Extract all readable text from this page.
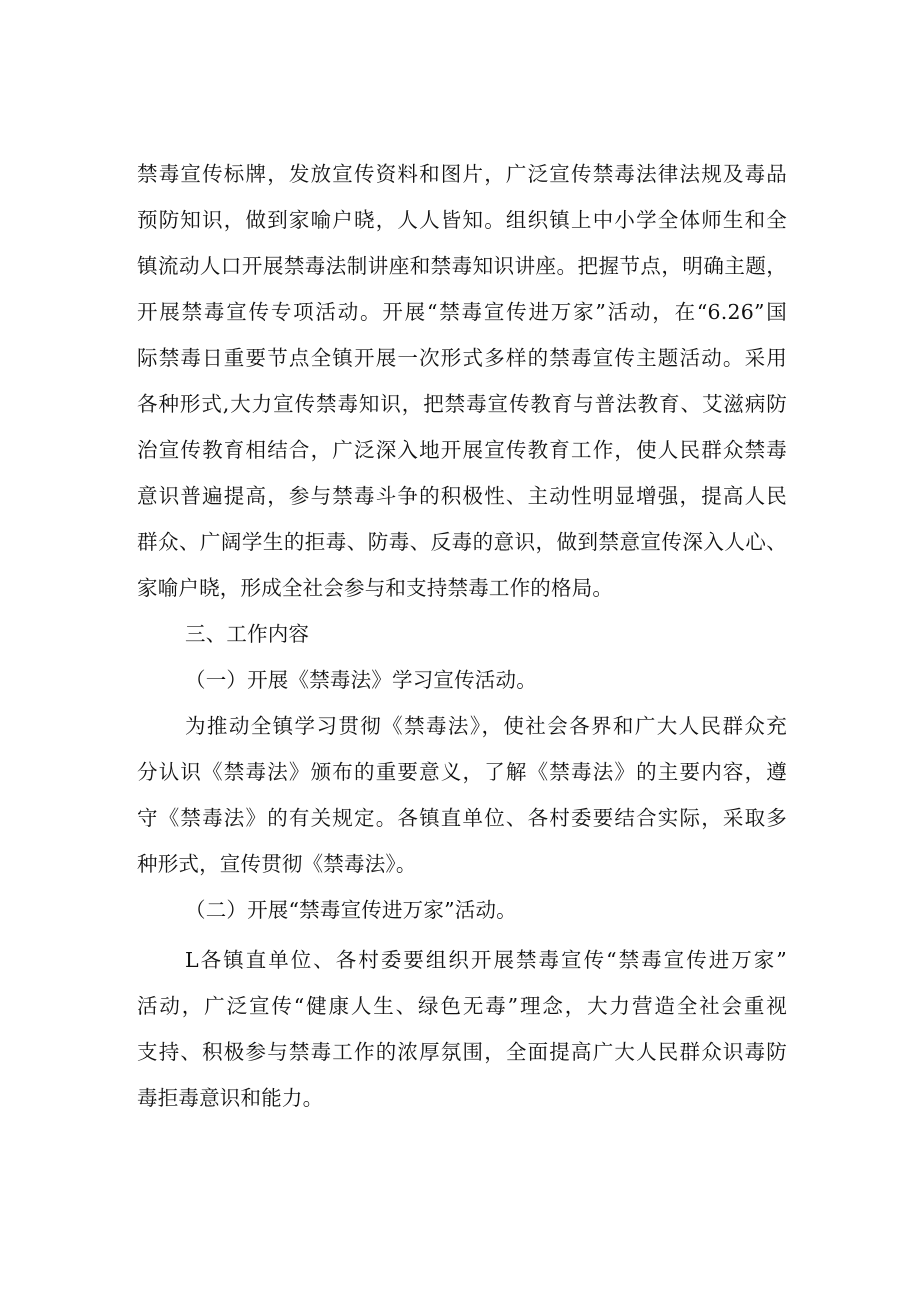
禁毒宣传标牌，发放宣传资料和图片，广泛宣传禁毒法律法规及毒品
预防知识，做到家喻户晓，人人皆知。组织镇上中小学全体师生和全
镇流动人口开展禁毒法制讲座和禁毒知识讲座。把握节点，明确主题，
开展禁毒宣传专项活动。开展“禁毒宣传进万家”活动，在“6.26”国
际禁毒日重要节点全镇开展一次形式多样的禁毒宣传主题活动。采用
各种形式,大力宣传禁毒知识，把禁毒宣传教育与普法教育、艾滋病防
治宣传教育相结合，广泛深入地开展宣传教育工作，使人民群众禁毒
意识普遍提高，参与禁毒斗争的积极性、主动性明显增强，提高人民
群众、广阔学生的拒毒、防毒、反毒的意识，做到禁意宣传深入人心、
家喻户晓，形成全社会参与和支持禁毒工作的格局。
三、工作内容
（一）开展《禁毒法》学习宣传活动。
为推动全镇学习贯彻《禁毒法》，使社会各界和广大人民群众充
分认识《禁毒法》颁布的重要意义，了解《禁毒法》的主要内容，遵
守《禁毒法》的有关规定。各镇直单位、各村委要结合实际，采取多
种形式，宣传贯彻《禁毒法》。
（二）开展“禁毒宣传进万家”活动。
L各镇直单位、各村委要组织开展禁毒宣传“禁毒宣传进万家”
活动，广泛宣传“健康人生、绿色无毒”理念，大力营造全社会重视
支持、积极参与禁毒工作的浓厚氛围，全面提高广大人民群众识毒防
毒拒毒意识和能力。
